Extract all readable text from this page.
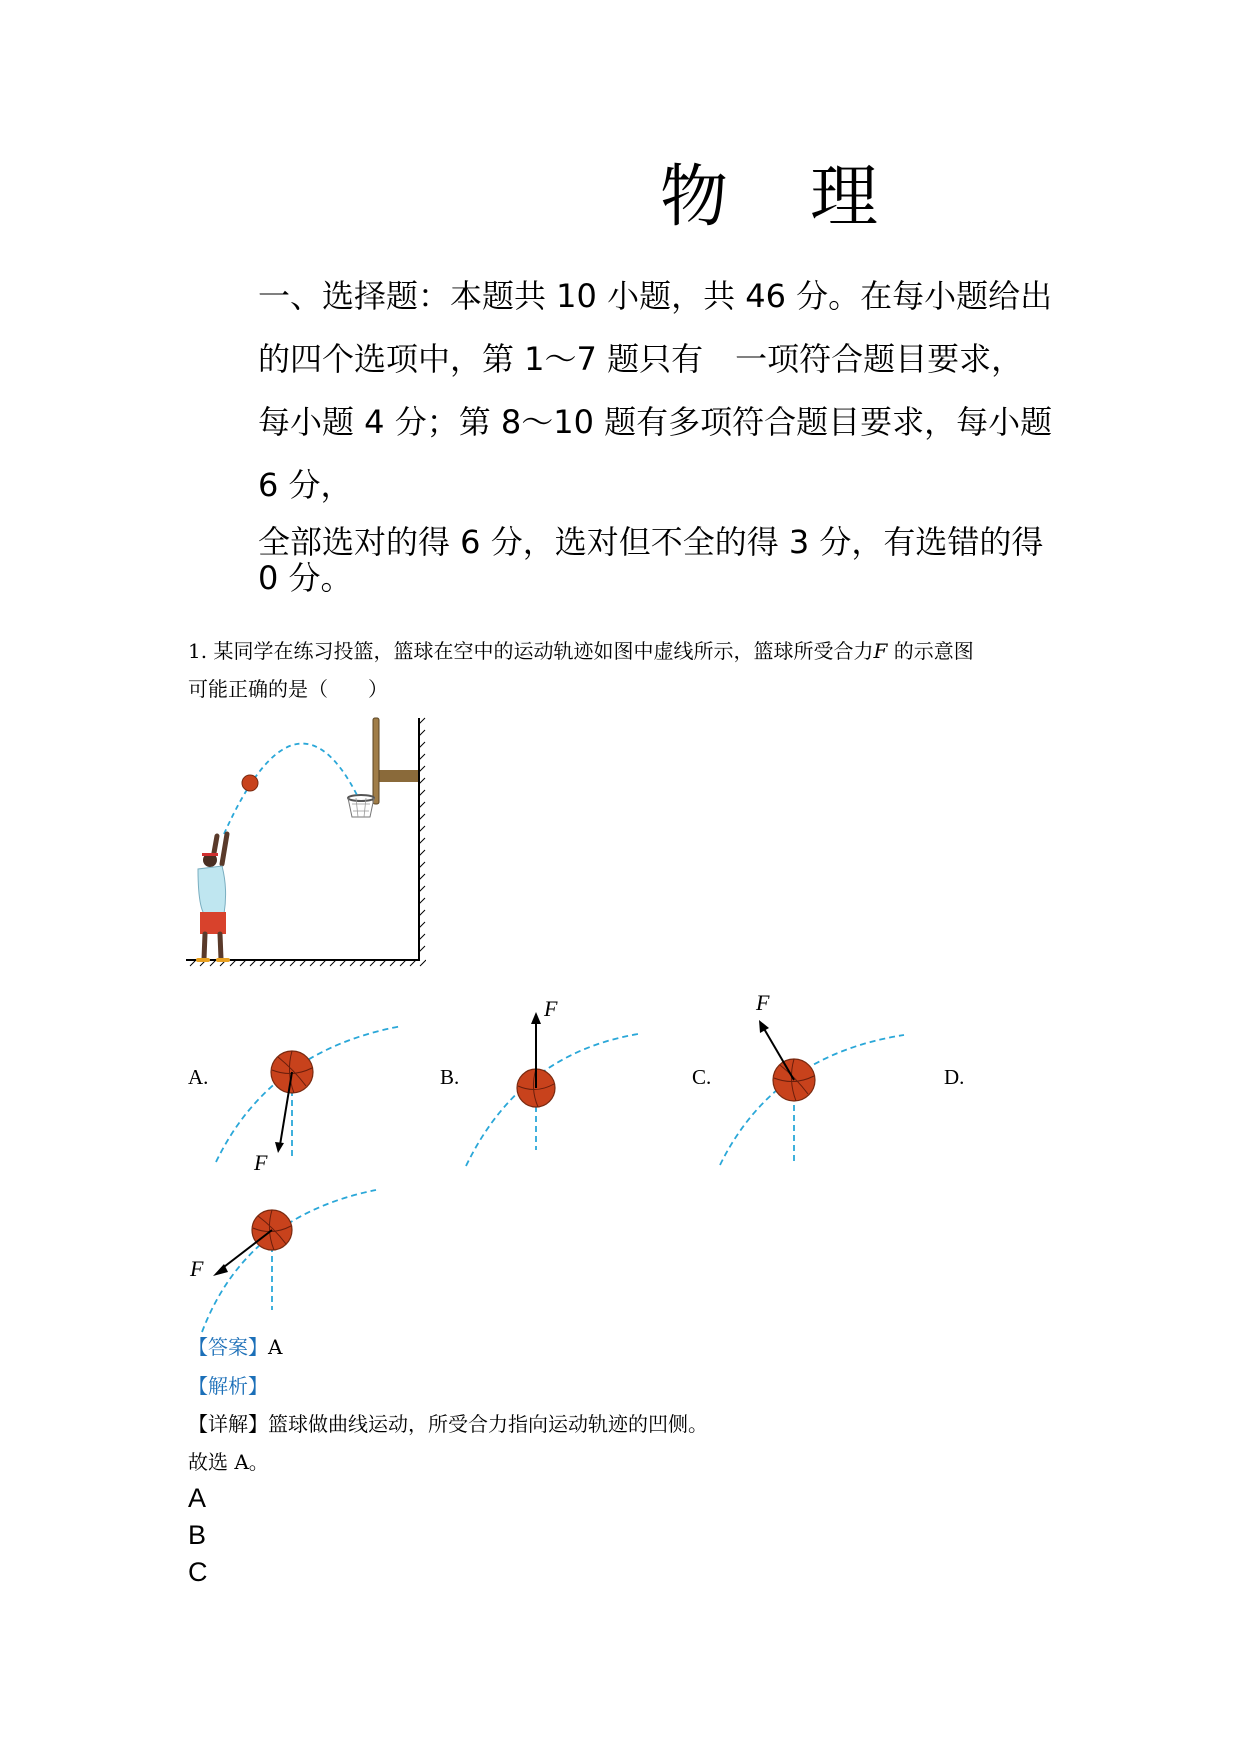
物 理
一、选择题：本题共 10 小题，共 46 分。在每小题给出
的四个选项中，第 1～7 题只有　一项符合题目要求，
每小题 4 分；第 8～10 题有多项符合题目要求，每小题
6 分，
全部选对的得 6 分，选对但不全的得 3 分，有选错的得
0 分。
1. 某同学在练习投篮，篮球在空中的运动轨迹如图中虚线所示，篮球所受合力F 的示意图
可能正确的是（　　）
A.
F
B.
F
C.
F
D.
F
【答案】A
【解析】
【详解】篮球做曲线运动，所受合力指向运动轨迹的凹侧。
故选 A。
A
B
C
